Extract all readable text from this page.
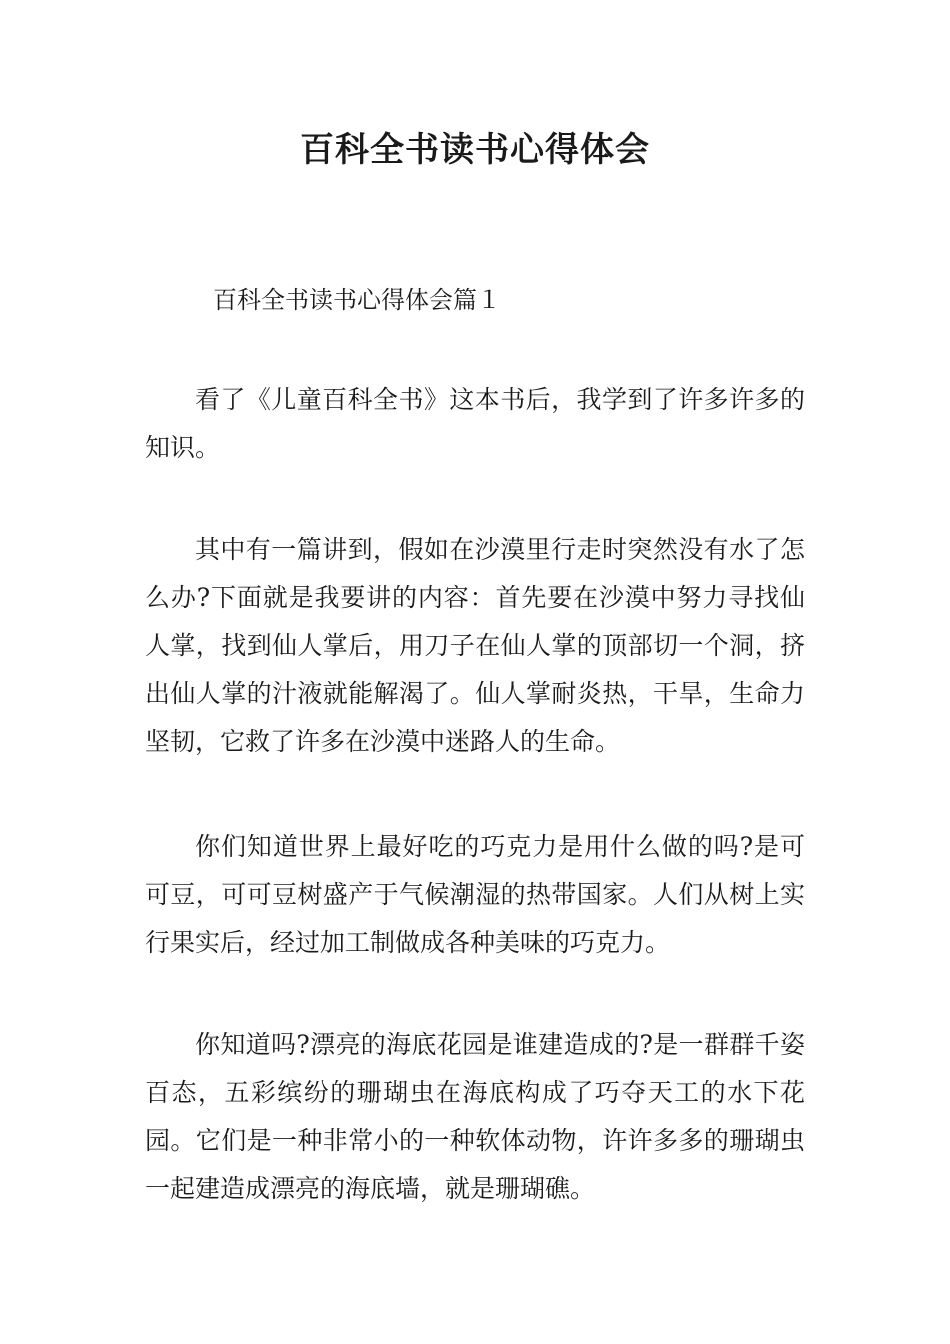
百科全书读书心得体会

百科全书读书心得体会篇１

看了《儿童百科全书》这本书后，我学到了许多许多的知识。

其中有一篇讲到，假如在沙漠里行走时突然没有水了怎么办?下面就是我要讲的内容：首先要在沙漠中努力寻找仙人掌，找到仙人掌后，用刀子在仙人掌的顶部切一个洞，挤出仙人掌的汁液就能解渴了。仙人掌耐炎热，干旱，生命力坚韧，它救了许多在沙漠中迷路人的生命。

你们知道世界上最好吃的巧克力是用什么做的吗?是可可豆，可可豆树盛产于气候潮湿的热带国家。人们从树上实行果实后，经过加工制做成各种美味的巧克力。

你知道吗?漂亮的海底花园是谁建造成的?是一群群千姿百态，五彩缤纷的珊瑚虫在海底构成了巧夺天工的水下花园。它们是一种非常小的一种软体动物，许许多多的珊瑚虫一起建造成漂亮的海底墙，就是珊瑚礁。
